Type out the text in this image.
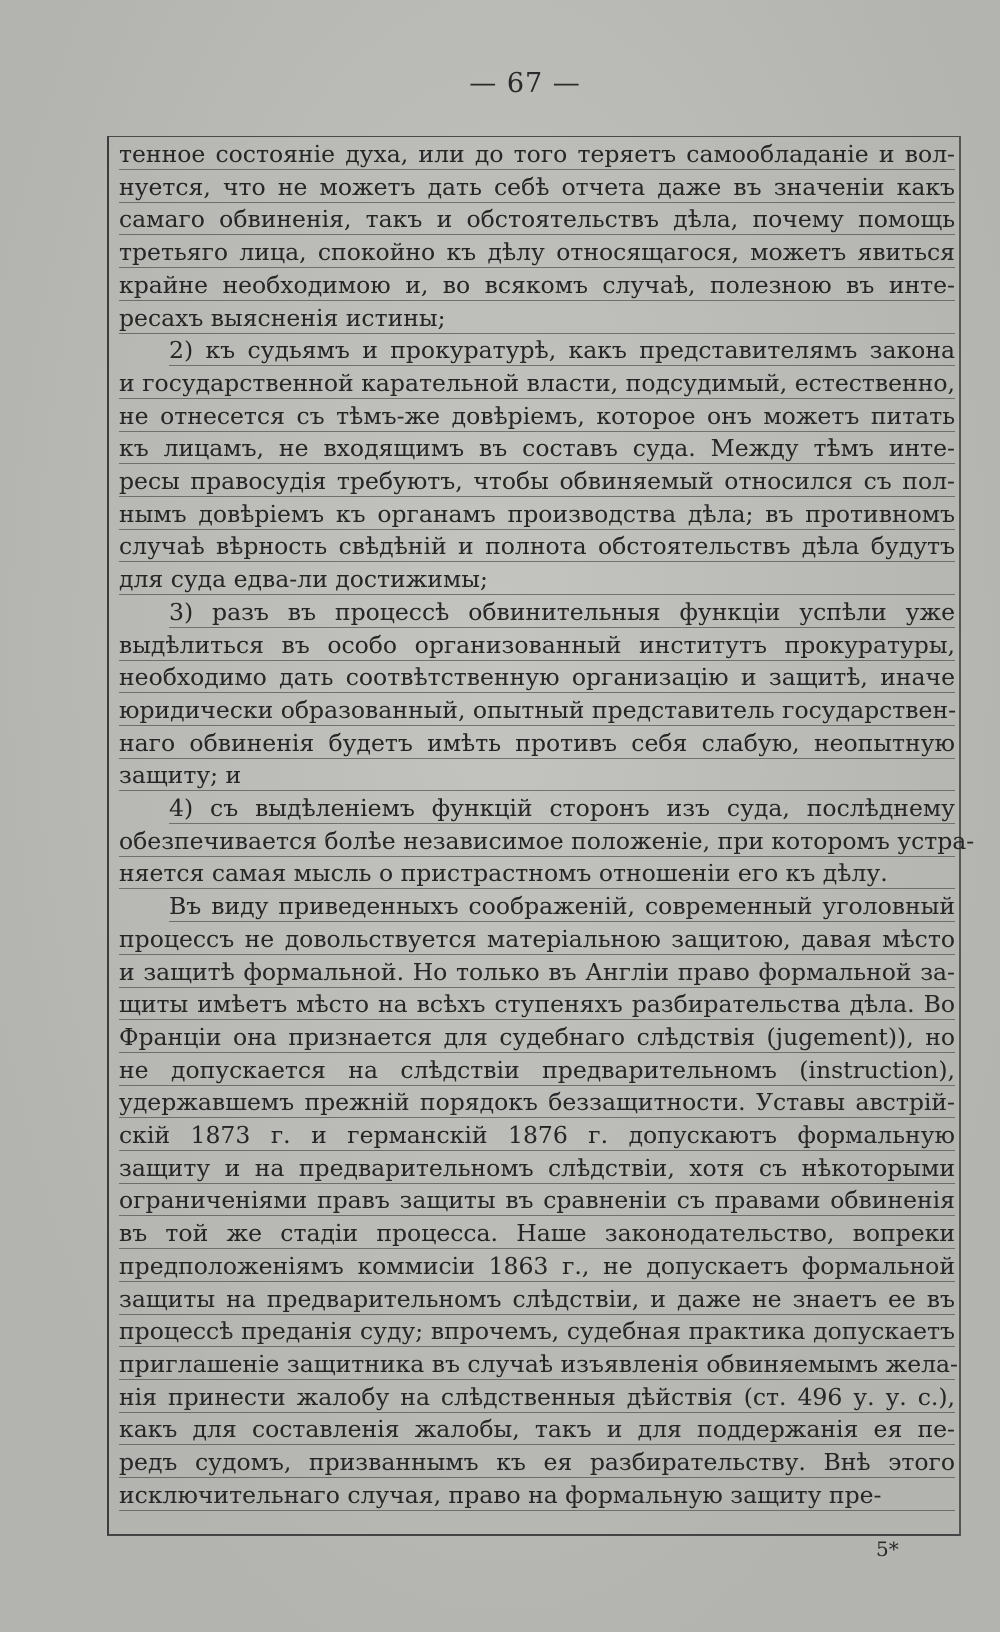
— 67 —
тенное состоянiе духа, или до того теряетъ самообладанiе и вол-
нуется, что не можетъ дать себѣ отчета даже въ значенiи какъ
самаго обвиненiя, такъ и обстоятельствъ дѣла, почему помощь
третьяго лица, спокойно къ дѣлу относящагося, можетъ явиться
крайне необходимою и, во всякомъ случаѣ, полезною въ инте-
ресахъ выясненiя истины;
2) къ судьямъ и прокуратурѣ, какъ представителямъ закона
и государственной карательной власти, подсудимый, естественно,
не отнесется съ тѣмъ-же довѣрiемъ, которое онъ можетъ питать
къ лицамъ, не входящимъ въ составъ суда. Между тѣмъ инте-
ресы правосудiя требуютъ, чтобы обвиняемый относился съ пол-
нымъ довѣрiемъ къ органамъ производства дѣла; въ противномъ
случаѣ вѣрность свѣдѣнiй и полнота обстоятельствъ дѣла будутъ
для суда едва-ли достижимы;
3) разъ въ процессѣ обвинительныя функцiи успѣли уже
выдѣлиться въ особо организованный институтъ прокуратуры,
необходимо дать соотвѣтственную организацiю и защитѣ, иначе
юридически образованный, опытный представитель государствен-
наго обвиненiя будетъ имѣть противъ себя слабую, неопытную
защиту; и
4) съ выдѣленiемъ функцiй сторонъ изъ суда, послѣднему
обезпечивается болѣе независимое положенiе, при которомъ устра-
няется самая мысль о пристрастномъ отношенiи его къ дѣлу.
Въ виду приведенныхъ соображенiй, современный уголовный
процессъ не довольствуется матерiальною защитою, давая мѣсто
и защитѣ формальной. Но только въ Англiи право формальной за-
щиты имѣетъ мѣсто на всѣхъ ступеняхъ разбирательства дѣла. Во
Францiи она признается для судебнаго слѣдствiя (jugement)), но
не допускается на слѣдствiи предварительномъ (instruction),
удержавшемъ прежнiй порядокъ беззащитности. Уставы австрiй-
скiй 1873 г. и германскiй 1876 г. допускаютъ формальную
защиту и на предварительномъ слѣдствiи, хотя съ нѣкоторыми
ограниченiями правъ защиты въ сравненiи съ правами обвиненiя
въ той же стадiи процесса. Наше законодательство, вопреки
предположенiямъ коммисiи 1863 г., не допускаетъ формальной
защиты на предварительномъ слѣдствiи, и даже не знаетъ ее въ
процессѣ преданiя суду; впрочемъ, судебная практика допускаетъ
приглашенiе защитника въ случаѣ изъявленiя обвиняемымъ жела-
нiя принести жалобу на слѣдственныя дѣйствiя (ст. 496 у. у. с.),
какъ для составленiя жалобы, такъ и для поддержанiя ея пе-
редъ судомъ, призваннымъ къ ея разбирательству. Внѣ этого
исключительнаго случая, право на формальную защиту пре-
5*
